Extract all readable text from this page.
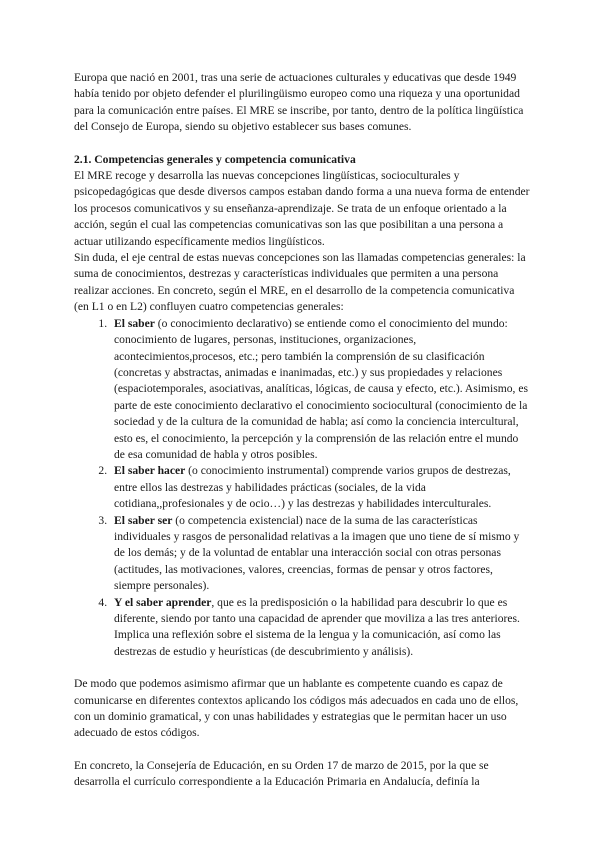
Europa que nació en 2001, tras una serie de actuaciones culturales y educativas que desde 1949 había tenido por objeto defender el plurilingüismo europeo como una riqueza y una oportunidad para la comunicación entre países. El MRE se inscribe, por tanto, dentro de la política lingüística del Consejo de Europa, siendo su objetivo establecer sus bases comunes.

2.1. Competencias generales y competencia comunicativa

El MRE recoge y desarrolla las nuevas concepciones lingüísticas, socioculturales y psicopedagógicas que desde diversos campos estaban dando forma a una nueva forma de entender los procesos comunicativos y su enseñanza-aprendizaje. Se trata de un enfoque orientado a la acción, según el cual las competencias comunicativas son las que posibilitan a una persona a actuar utilizando específicamente medios lingüísticos.

Sin duda, el eje central de estas nuevas concepciones son las llamadas competencias generales: la suma de conocimientos, destrezas y características individuales que permiten a una persona realizar acciones. En concreto, según el MRE, en el desarrollo de la competencia comunicativa (en L1 o en L2) confluyen cuatro competencias generales:

1. El saber (o conocimiento declarativo) se entiende como el conocimiento del mundo: conocimiento de lugares, personas, instituciones, organizaciones, acontecimientos,procesos, etc.; pero también la comprensión de su clasificación (concretas y abstractas, animadas e inanimadas, etc.) y sus propiedades y relaciones (espaciotemporales, asociativas, analíticas, lógicas, de causa y efecto, etc.). Asimismo, es parte de este conocimiento declarativo el conocimiento sociocultural (conocimiento de la sociedad y de la cultura de la comunidad de habla; así como la conciencia intercultural, esto es, el conocimiento, la percepción y la comprensión de las relación entre el mundo de esa comunidad de habla y otros posibles.
2. El saber hacer (o conocimiento instrumental) comprende varios grupos de destrezas, entre ellos las destrezas y habilidades prácticas (sociales, de la vida cotidiana,,profesionales y de ocio…) y las destrezas y habilidades interculturales.
3. El saber ser (o competencia existencial) nace de la suma de las características individuales y rasgos de personalidad relativas a la imagen que uno tiene de sí mismo y de los demás; y de la voluntad de entablar una interacción social con otras personas (actitudes, las motivaciones, valores, creencias, formas de pensar y otros factores, siempre personales).
4. Y el saber aprender, que es la predisposición o la habilidad para descubrir lo que es diferente, siendo por tanto una capacidad de aprender que moviliza a las tres anteriores. Implica una reflexión sobre el sistema de la lengua y la comunicación, así como las destrezas de estudio y heurísticas (de descubrimiento y análisis).

De modo que podemos asimismo afirmar que un hablante es competente cuando es capaz de comunicarse en diferentes contextos aplicando los códigos más adecuados en cada uno de ellos, con un dominio gramatical, y con unas habilidades y estrategias que le permitan hacer un uso adecuado de estos códigos.

En concreto, la Consejería de Educación, en su Orden 17 de marzo de 2015, por la que se desarrolla el currículo correspondiente a la Educación Primaria en Andalucía, definía la
